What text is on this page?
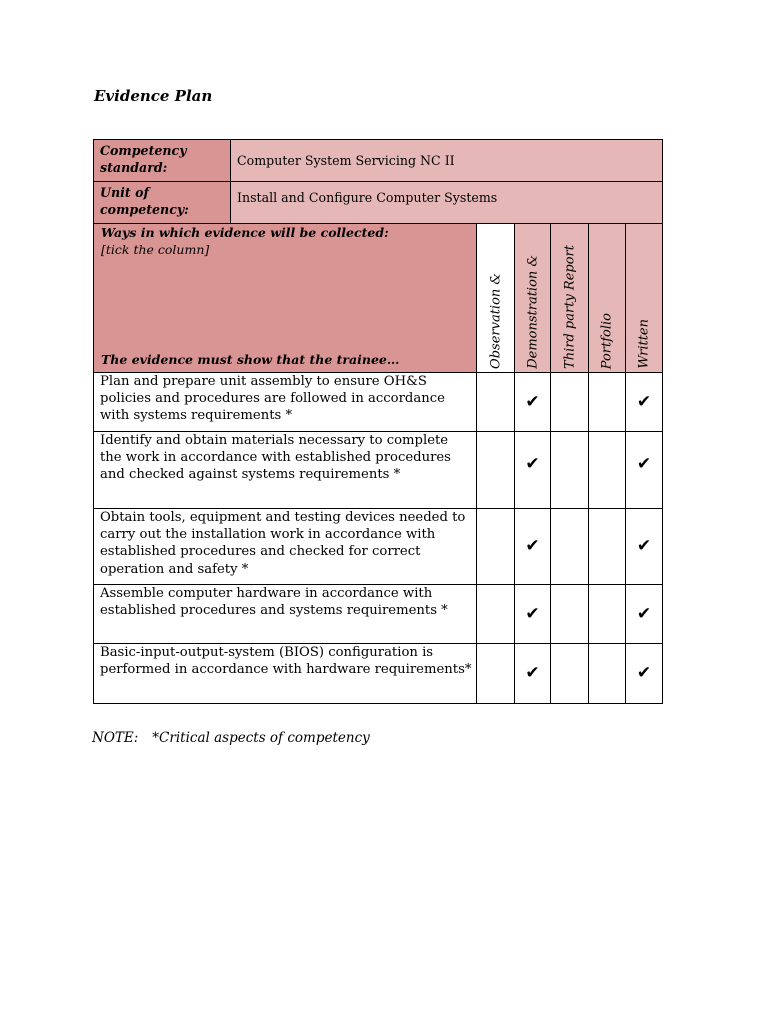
Evidence Plan
Competency standard:	Computer System Servicing NC II					
Unit of competency:	Install and Configure Computer Systems					

Ways in which evidence will be collected:
[tick the column]
The evidence must show that the trainee…		Observation &	Demonstration &	Third party Report	Portfolio	Written

Plan and prepare unit assembly to ensure OH&S policies and procedures are followed in accordance with systems requirements *			✔			✔
Identify and obtain materials necessary to complete the work in accordance with established procedures and checked against systems requirements *			✔			✔
Obtain tools, equipment and testing devices needed to carry out the installation work in accordance with established procedures and checked for correct operation and safety *			✔			✔
Assemble computer hardware in accordance with established procedures and systems requirements *			✔			✔
Basic-input-output-system (BIOS) configuration is performed in accordance with hardware requirements*			✔			✔
NOTE: *Critical aspects of competency
